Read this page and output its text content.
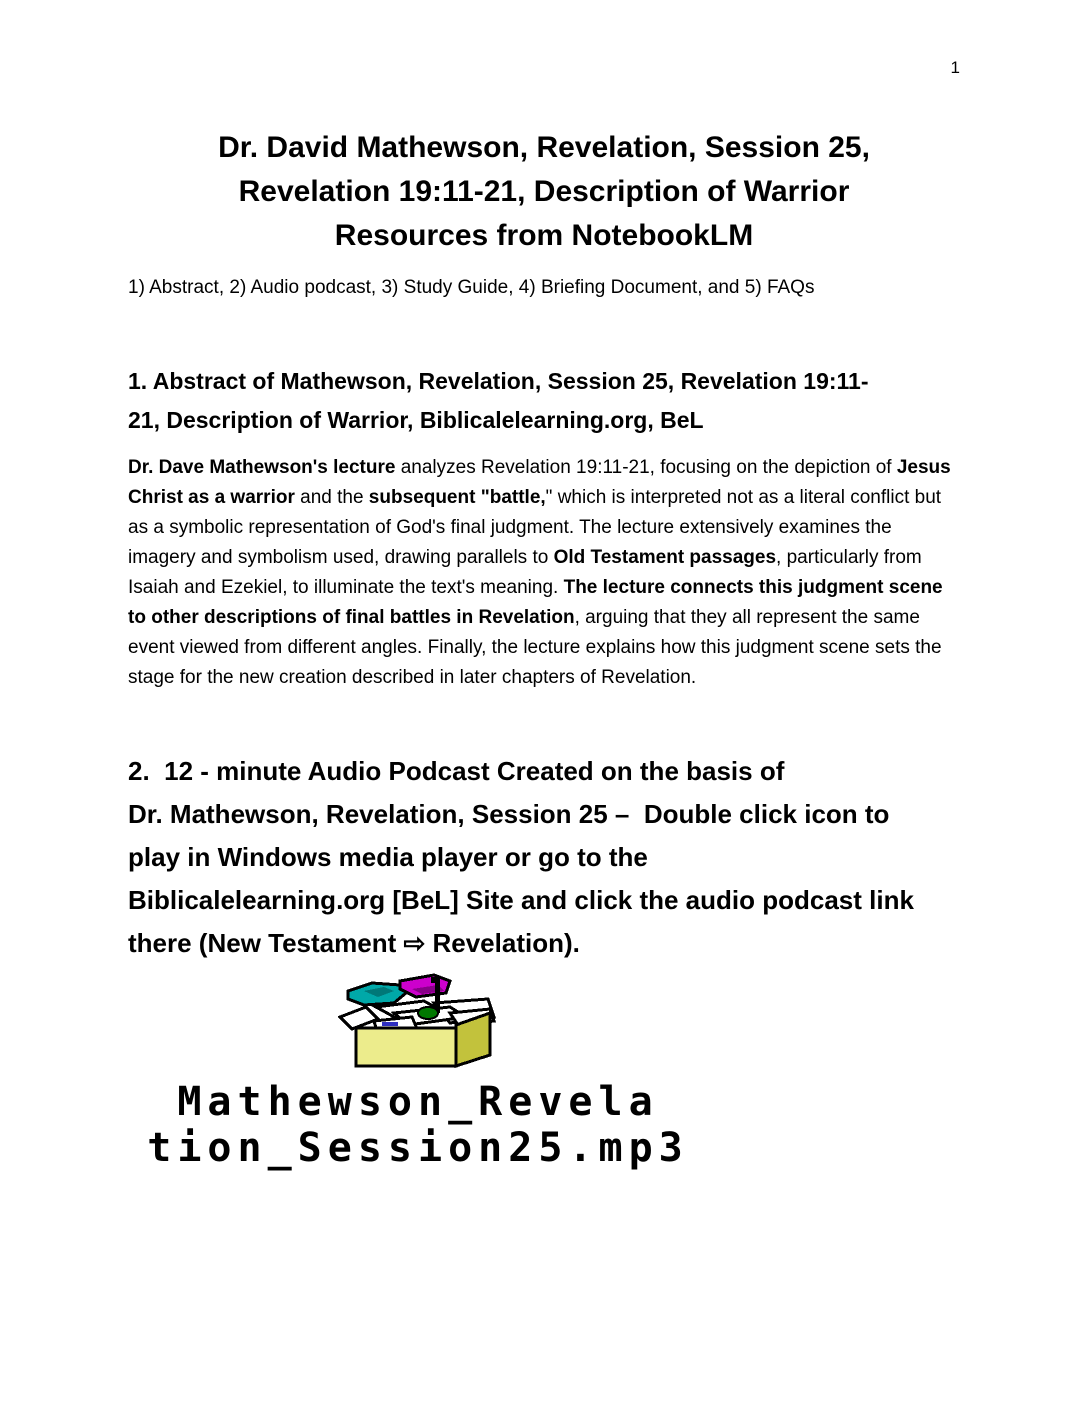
1
Dr. David Mathewson, Revelation, Session 25,
Revelation 19:11-21, Description of Warrior
Resources from NotebookLM

1) Abstract, 2) Audio podcast, 3) Study Guide, 4) Briefing Document, and 5) FAQs

1. Abstract of Mathewson, Revelation, Session 25, Revelation 19:11-
21, Description of Warrior, Biblicalelearning.org, BeL

Dr. Dave Mathewson's lecture analyzes Revelation 19:11-21, focusing on the depiction of Jesus Christ as a warrior and the subsequent "battle," which is interpreted not as a literal conflict but as a symbolic representation of God's final judgment. The lecture extensively examines the imagery and symbolism used, drawing parallels to Old Testament passages, particularly from Isaiah and Ezekiel, to illuminate the text's meaning. The lecture connects this judgment scene to other descriptions of final battles in Revelation, arguing that they all represent the same event viewed from different angles. Finally, the lecture explains how this judgment scene sets the stage for the new creation described in later chapters of Revelation.

2.  12 - minute Audio Podcast Created on the basis of
Dr. Mathewson, Revelation, Session 25 –  Double click icon to
play in Windows media player or go to the
Biblicalelearning.org [BeL] Site and click the audio podcast link
there (New Testament ⇨ Revelation).
Mathewson_Revela
tion_Session25.mp3
